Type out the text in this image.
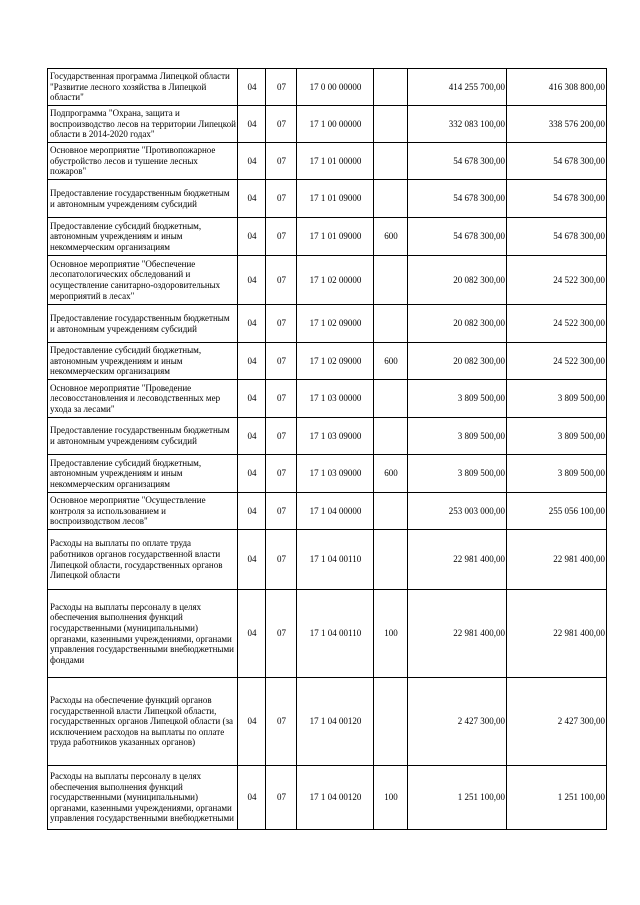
Государственная программа Липецкой области "Развитие лесного хозяйства в Липецкой области"	04	07	17 0 00 00000		414 255 700,00	416 308 800,00
Подпрограмма "Охрана, защита и воспроизводство лесов на территории Липецкой области в 2014-2020 годах"	04	07	17 1 00 00000		332 083 100,00	338 576 200,00
Основное мероприятие "Противопожарное обустройство лесов и тушение лесных пожаров"	04	07	17 1 01 00000		54 678 300,00	54 678 300,00
Предоставление государственным бюджетным и автономным учреждениям субсидий	04	07	17 1 01 09000		54 678 300,00	54 678 300,00
Предоставление субсидий бюджетным, автономным учреждениям и иным некоммерческим организациям	04	07	17 1 01 09000	600	54 678 300,00	54 678 300,00
Основное мероприятие "Обеспечение лесопатологических обследований и осуществление санитарно-оздоровительных мероприятий в лесах"	04	07	17 1 02 00000		20 082 300,00	24 522 300,00
Предоставление государственным бюджетным и автономным учреждениям субсидий	04	07	17 1 02 09000		20 082 300,00	24 522 300,00
Предоставление субсидий бюджетным, автономным учреждениям и иным некоммерческим организациям	04	07	17 1 02 09000	600	20 082 300,00	24 522 300,00
Основное мероприятие "Проведение лесовосстановления и лесоводственных мер ухода за лесами"	04	07	17 1 03 00000		3 809 500,00	3 809 500,00
Предоставление государственным бюджетным и автономным учреждениям субсидий	04	07	17 1 03 09000		3 809 500,00	3 809 500,00
Предоставление субсидий бюджетным, автономным учреждениям и иным некоммерческим организациям	04	07	17 1 03 09000	600	3 809 500,00	3 809 500,00
Основное мероприятие "Осуществление контроля за использованием и воспроизводством лесов"	04	07	17 1 04 00000		253 003 000,00	255 056 100,00
Расходы на выплаты по оплате труда работников органов государственной власти Липецкой области, государственных органов Липецкой области	04	07	17 1 04 00110		22 981 400,00	22 981 400,00
Расходы на выплаты персоналу в целях обеспечения выполнения функций государственными (муниципальными) органами, казенными учреждениями, органами управления государственными внебюджетными фондами	04	07	17 1 04 00110	100	22 981 400,00	22 981 400,00
Расходы на обеспечение функций органов государственной власти Липецкой области, государственных органов Липецкой области (за исключением расходов на выплаты по оплате труда работников указанных органов)	04	07	17 1 04 00120		2 427 300,00	2 427 300,00
Расходы на выплаты персоналу в целях обеспечения выполнения функций государственными (муниципальными) органами, казенными учреждениями, органами управления государственными внебюджетными	04	07	17 1 04 00120	100	1 251 100,00	1 251 100,00
